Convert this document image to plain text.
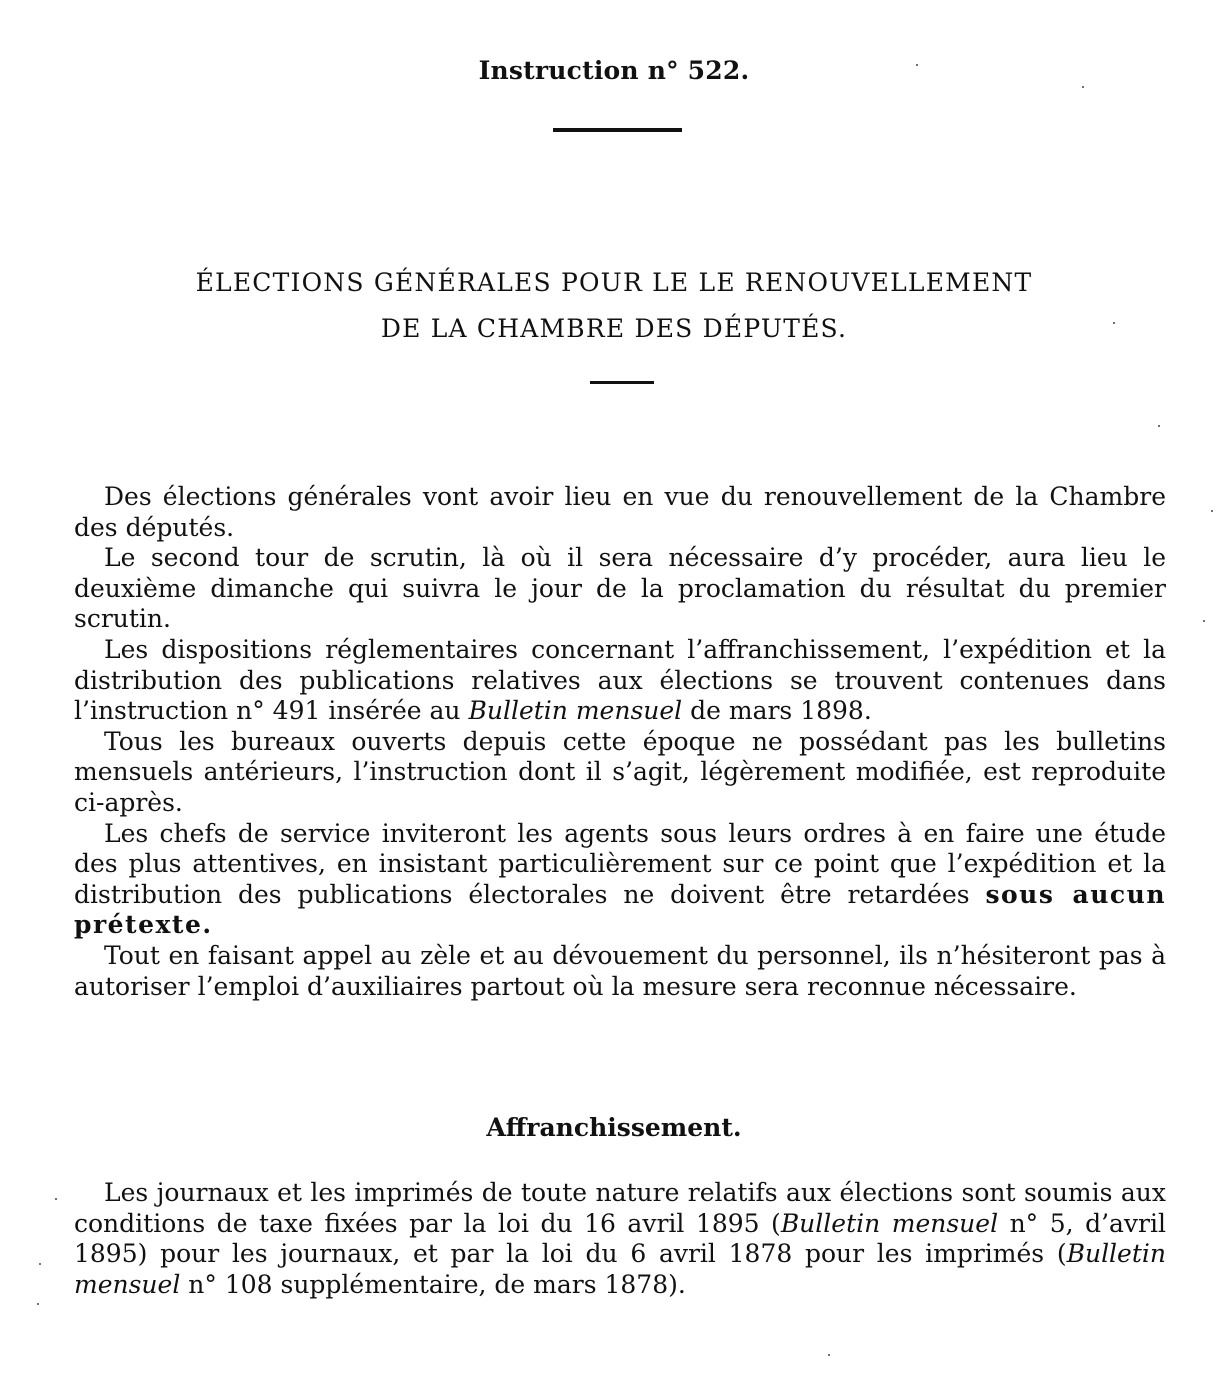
Instruction n° 522.
ÉLECTIONS GÉNÉRALES POUR LE LE RENOUVELLEMENT
DE LA CHAMBRE DES DÉPUTÉS.

Des élections générales vont avoir lieu en vue du renouvellement de la Chambre des députés.

Le second tour de scrutin, là où il sera nécessaire d’y procéder, aura lieu le deuxième dimanche qui suivra le jour de la proclamation du résultat du premier scrutin.

Les dispositions réglementaires concernant l’affranchissement, l’expédition et la distribution des publications relatives aux élections se trouvent contenues dans l’instruction n° 491 insérée au Bulletin mensuel de mars 1898.

Tous les bureaux ouverts depuis cette époque ne possédant pas les bulletins mensuels antérieurs, l’instruction dont il s’agit, légèrement modifiée, est reproduite ci-après.

Les chefs de service inviteront les agents sous leurs ordres à en faire une étude des plus attentives, en insistant particulièrement sur ce point que l’expédition et la distribution des publications électorales ne doivent être retardées sous aucun prétexte.

Tout en faisant appel au zèle et au dévouement du personnel, ils n’hésiteront pas à autoriser l’emploi d’auxiliaires partout où la mesure sera reconnue nécessaire.

Affranchissement.

Les journaux et les imprimés de toute nature relatifs aux élections sont soumis aux conditions de taxe fixées par la loi du 16 avril 1895 (Bulletin mensuel n° 5, d’avril 1895) pour les journaux, et par la loi du 6 avril 1878 pour les imprimés (Bulletin mensuel n° 108 supplémentaire, de mars 1878).
